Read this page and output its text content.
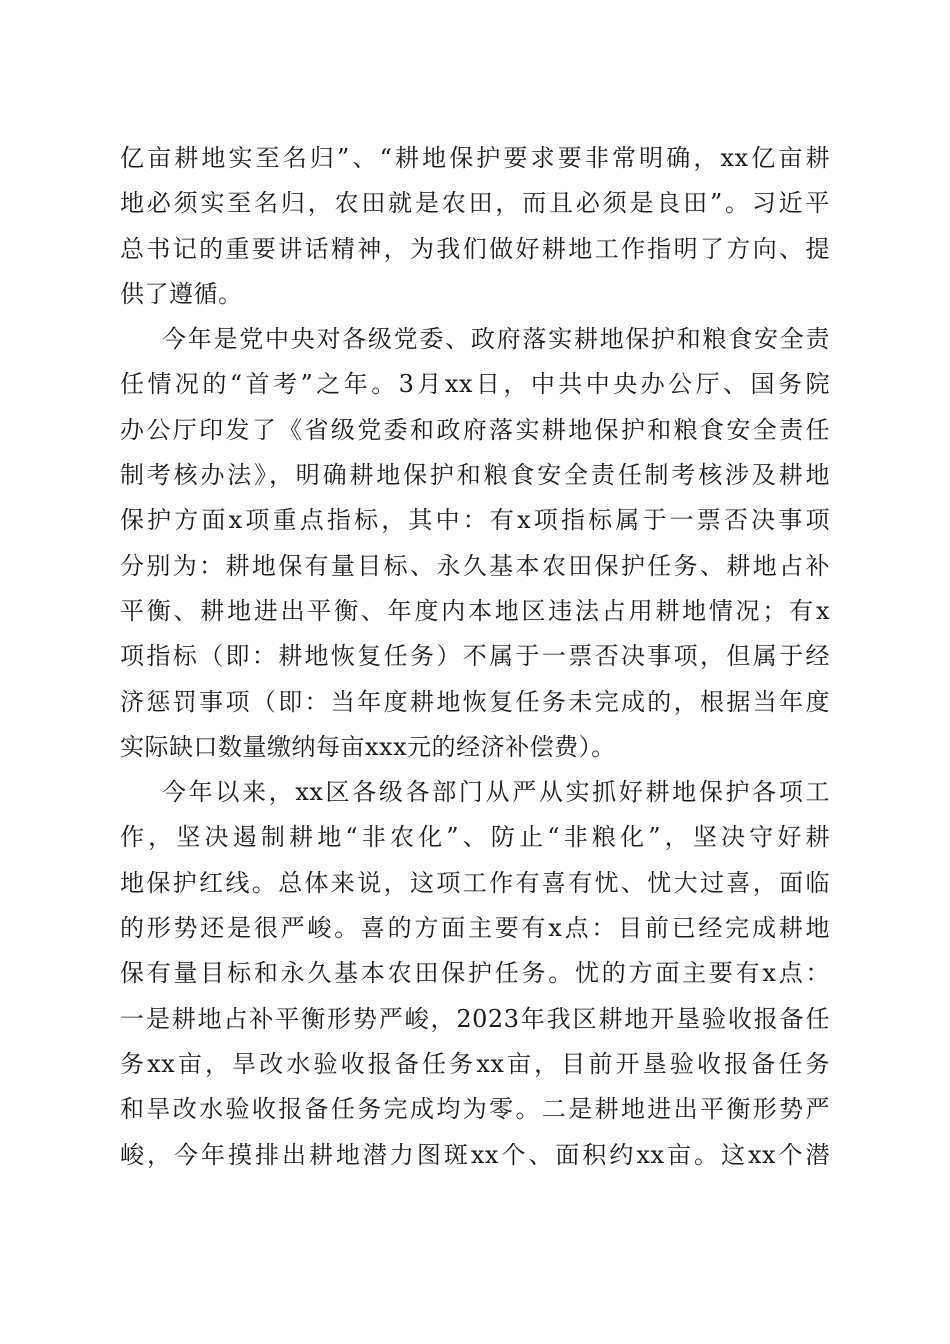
亿亩耕地实至名归”、“耕地保护要求要非常明确，xx亿亩耕
地必须实至名归，农田就是农田，而且必须是良田”。习近平
总书记的重要讲话精神，为我们做好耕地工作指明了方向、提
供了遵循。
今年是党中央对各级党委、政府落实耕地保护和粮食安全责
任情况的“首考”之年。3月xx日，中共中央办公厅、国务院
办公厅印发了《省级党委和政府落实耕地保护和粮食安全责任
制考核办法》，明确耕地保护和粮食安全责任制考核涉及耕地
保护方面x项重点指标，其中：有x项指标属于一票否决事项
分别为：耕地保有量目标、永久基本农田保护任务、耕地占补
平衡、耕地进出平衡、年度内本地区违法占用耕地情况；有x
项指标（即：耕地恢复任务）不属于一票否决事项，但属于经
济惩罚事项（即：当年度耕地恢复任务未完成的，根据当年度
实际缺口数量缴纳每亩xxx元的经济补偿费）。
今年以来，xx区各级各部门从严从实抓好耕地保护各项工
作，坚决遏制耕地“非农化”、防止“非粮化”，坚决守好耕
地保护红线。总体来说，这项工作有喜有忧、忧大过喜，面临
的形势还是很严峻。喜的方面主要有x点：目前已经完成耕地
保有量目标和永久基本农田保护任务。忧的方面主要有x点：
一是耕地占补平衡形势严峻，2023年我区耕地开垦验收报备任
务xx亩，旱改水验收报备任务xx亩，目前开垦验收报备任务
和旱改水验收报备任务完成均为零。二是耕地进出平衡形势严
峻，今年摸排出耕地潜力图斑xx个、面积约xx亩。这xx个潜
